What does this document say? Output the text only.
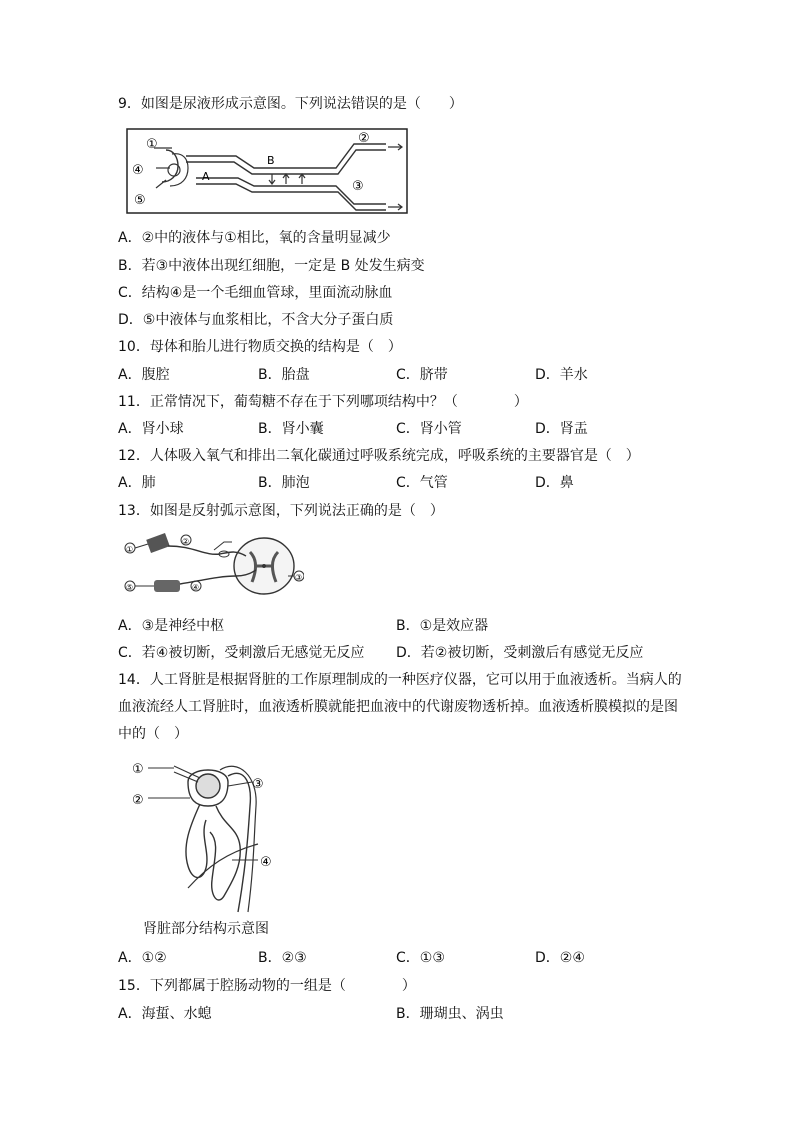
9．如图是尿液形成示意图。下列说法错误的是（　　）
①	②
③
④
⑤
A
B
A．②中的液体与①相比，氧的含量明显减少
B．若③中液体出现红细胞，一定是 B 处发生病变
C．结构④是一个毛细血管球，里面流动脉血
D．⑤中液体与血浆相比，不含大分子蛋白质
10．母体和胎儿进行物质交换的结构是（　）
A．腹腔	B．胎盘	C．脐带	D．羊水
11．正常情况下，葡萄糖不存在于下列哪项结构中？（　　　　）
A．肾小球	B．肾小囊	C．肾小管	D．肾盂
12．人体吸入氧气和排出二氧化碳通过呼吸系统完成，呼吸系统的主要器官是（　）
A．肺	B．肺泡	C．气管	D．鼻
13．如图是反射弧示意图，下列说法正确的是（　）
①
②
③
④
⑤
A．③是神经中枢	B．①是效应器
C．若④被切断，受刺激后无感觉无反应 D．若②被切断，受刺激后有感觉无反应
14．人工肾脏是根据肾脏的工作原理制成的一种医疗仪器，它可以用于血液透析。当病人的
血液流经人工肾脏时，血液透析膜就能把血液中的代谢废物透析掉。血液透析膜模拟的是图
中的（　）
①
②
③
④
肾脏部分结构示意图
A．①②	B．②③	C．①③	D．②④
15．下列都属于腔肠动物的一组是（　　　　）
A．海蜇、水螅	B．珊瑚虫、涡虫
